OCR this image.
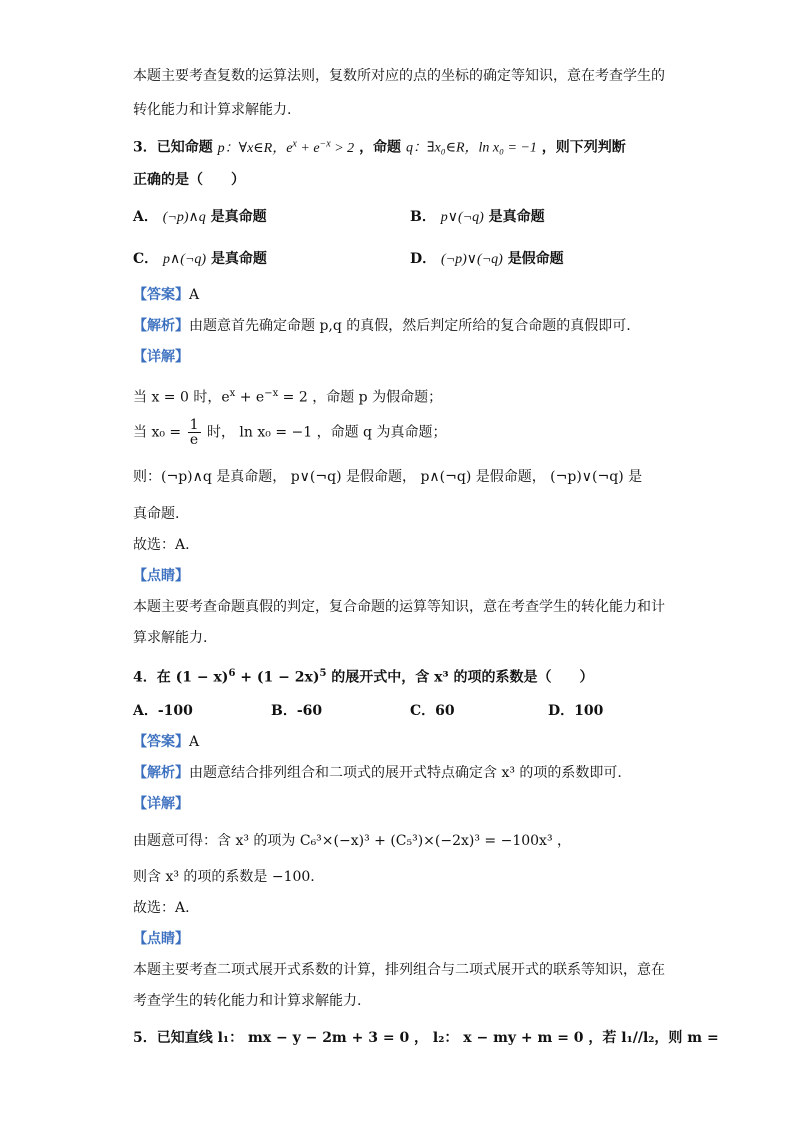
本题主要考查复数的运算法则，复数所对应的点的坐标的确定等知识，意在考查学生的
转化能力和计算求解能力.
3．已知命题 p：∀x∈R，$e^x + e^{-x} > 2$ ，命题 q：∃x₀∈R，ln x₀ = −1 ，则下列判断
正确的是（　　）
A． (¬p)∧q 是真命题	B． p∨(¬q) 是真命题
C． p∧(¬q) 是真命题	D． (¬p)∨(¬q) 是假命题
【答案】A
【解析】由题意首先确定命题 p,q 的真假，然后判定所给的复合命题的真假即可.
【详解】
当 x = 0 时，$e^x + e^{-x} = 2$ ，命题 p 为假命题；
当 $x_0 = \frac{1}{e}$ 时， ln x₀ = −1 ，命题 q 为真命题；
则：(¬p)∧q 是真命题， p∨(¬q) 是假命题， p∧(¬q) 是假命题， (¬p)∨(¬q) 是
真命题.
故选：A.
【点睛】
本题主要考查命题真假的判定，复合命题的运算等知识，意在考查学生的转化能力和计
算求解能力.
4．在 $(1 - x)^6 + (1 - 2x)^5$ 的展开式中，含 x³ 的项的系数是（　　）
A．-100	B．-60	C．60	D．100
【答案】A
【解析】由题意结合排列组合和二项式的展开式特点确定含 x³ 的项的系数即可.
【详解】
由题意可得：含 x³ 的项为 C₆³×(−x)³ + (C₅³)×(−2x)³ = −100x³ ，
则含 x³ 的项的系数是 −100.
故选：A.
【点睛】
本题主要考查二项式展开式系数的计算，排列组合与二项式展开式的联系等知识，意在
考查学生的转化能力和计算求解能力.
5．已知直线 l₁： mx − y − 2m + 3 = 0 ， l₂： x − my + m = 0 ，若 l₁//l₂，则 m =
